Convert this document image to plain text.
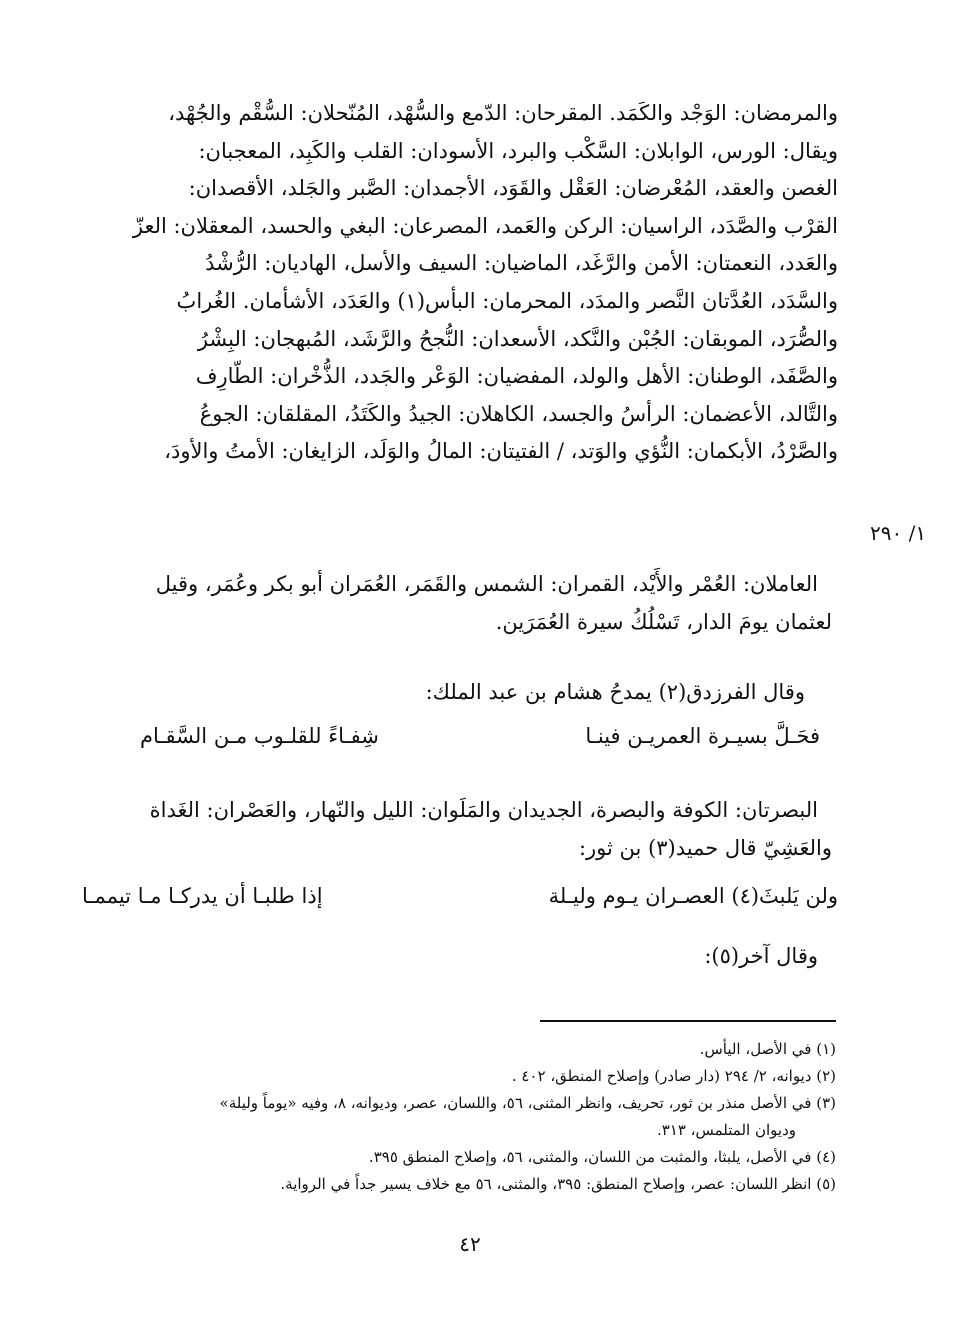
والمرمضان: الوَجْد والكَمَد. المقرحان: الدّمع والسُّهْد، المُنّحلان: السُّقْم والجُهْد،
ويقال: الورس، الوابلان: السَّكْب والبرد، الأسودان: القلب والكَبِد، المعجبان:
الغصن والعقد، المُعْرضان: العَقْل والقَوَد، الأجمدان: الصَّبر والجَلد، الأقصدان:
القرْب والصَّدَد، الراسيان: الركن والعَمد، المصرعان: البغي والحسد، المعقلان: العزّ
والعَدد، النعمتان: الأمن والرَّغَد، الماضيان: السيف والأسل، الهاديان: الرُّشْدُ
والسَّدَد، العُدَّتان النَّصر والمدَد، المحرمان: البأس(١) والعَدَد، الأشأمان. الغُرابُ
والصُّرَد، الموبقان: الجُبْن والنَّكد، الأسعدان: النُّجحُ والرَّشَد، المُبهجان: البِشْرُ
والصَّفَد، الوطنان: الأهل والولد، المفضيان: الوَعْر والجَدد، الذُّخْران: الطّارِف
والتَّالد، الأعضمان: الرأسُ والجسد، الكاهلان: الجيدُ والكَتَدُ، المقلقان: الجوعُ
والصَّرْدُ، الأبكمان: النُّؤي والوَتد، / الفتيتان: المالُ والوَلَد، الزايغان: الأمتُ والأودَ،
١/ ٢٩٠
العاملان: العُمْر والأَيْد، القمران: الشمس والقَمَر، العُمَران أبو بكر وعُمَر، وقيل
لعثمان يومَ الدار، تَسْلُكُ سيرة العُمَرَين.
وقال الفرزدق(٢) يمدحُ هشام بن عبد الملك:
فحَـلَّ بسيـرة العمريـن فينـا
شِفـاءً للقلـوب مـن السَّقـام
البصرتان: الكوفة والبصرة، الجديدان والمَلَوان: الليل والنّهار، والعَصْران: الغَداة
والعَشِيّ قال حميد(٣) بن ثور:
ولن يَلبثَ(٤) العصـران يـوم وليـلة
إذا طلبـا أن يدركـا مـا تيممـا
وقال آخر(٥):
(١) في الأصل، اليأس.
(٢) ديوانه، ٢/ ٢٩٤ (دار صادر) وإصلاح المنطق، ٤٠٢ .
(٣) في الأصل منذر بن ثور، تحريف، وانظر المثنى، ٥٦، واللسان، عصر، وديوانه، ٨، وفيه «يوماً وليلة»
وديوان المتلمس، ٣١٣.
(٤) في الأصل، يلبثا، والمثبت من اللسان، والمثنى، ٥٦، وإصلاح المنطق ٣٩٥.
(٥) انظر اللسان: عصر، وإصلاح المنطق: ٣٩٥، والمثنى، ٥٦ مع خلاف يسير جداً في الرواية.
٤٢
